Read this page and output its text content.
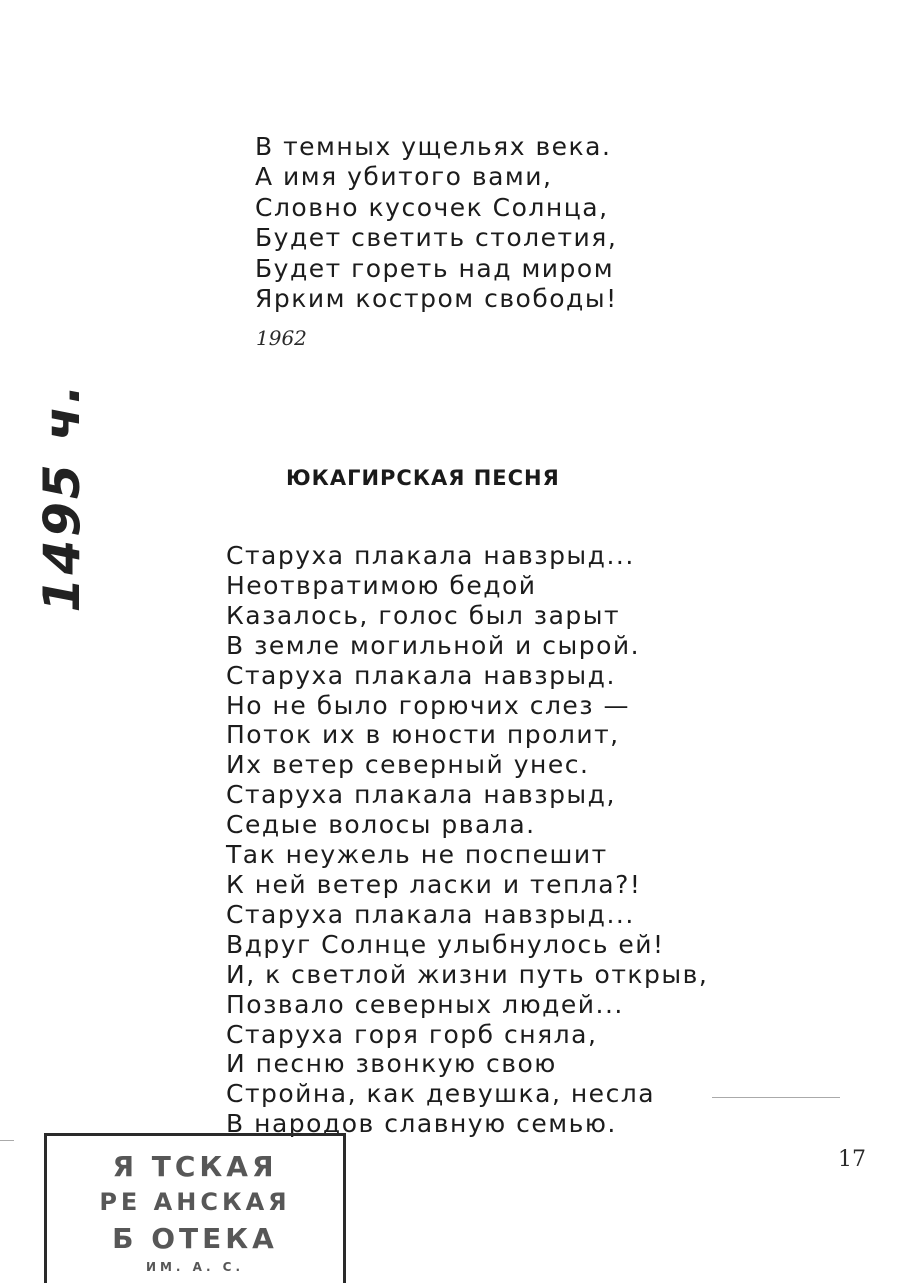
В темных ущельях века.
А имя убитого вами,
Словно кусочек Солнца,
Будет светить столетия,
Будет гореть над миром
Ярким костром свободы!
1962
1495 ч.	ЮКАГИРСКАЯ ПЕСНЯ
Старуха плакала навзрыд...
Неотвратимою бедой
Казалось, голос был зарыт
В земле могильной и сырой.
Старуха плакала навзрыд.
Но не было горючих слез —
Поток их в юности пролит,
Их ветер северный унес.
Старуха плакала навзрыд,
Седые волосы рвала.
Так неужель не поспешит
К ней ветер ласки и тепла?!
Старуха плакала навзрыд...
Вдруг Солнце улыбнулось ей!
И, к светлой жизни путь открыв,
Позвало северных людей...
Старуха горя горб сняла,
И песню звонкую свою
Стройна, как девушка, несла
В народов славную семью.
17
Я ТСКАЯ
РЕ АНСКАЯ
Б ОТЕКА
ИМ. А. С.
